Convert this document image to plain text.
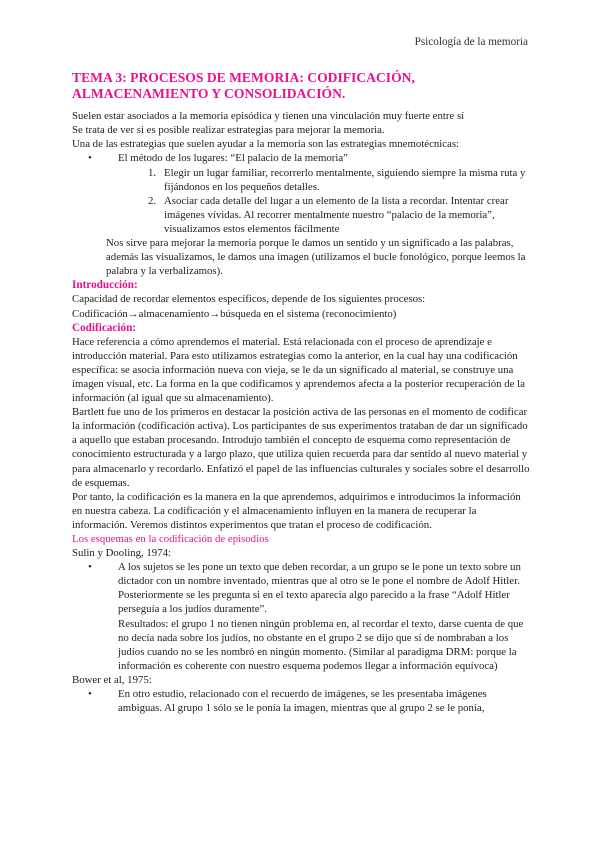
Psicología de la memoria

TEMA 3: PROCESOS DE MEMORIA: CODIFICACIÓN, ALMACENAMIENTO Y CONSOLIDACIÓN.

Suelen estar asociados a la memoria episódica y tienen una vinculación muy fuerte entre sí

Se trata de ver si es posible realizar estrategias para mejorar la memoria.

Una de las estrategias que suelen ayudar a la memoria son las estrategias mnemotécnicas:

• El método de los lugares: “El palacio de la memoria”
1. Elegir un lugar familiar, recorrerlo mentalmente, siguiendo siempre la misma ruta y fijándonos en los pequeños detalles.
2. Asociar cada detalle del lugar a un elemento de la lista a recordar. Intentar crear imágenes vívidas. Al recorrer mentalmente nuestro “palacio de la memoria”, visualizamos estos elementos fácilmente

Nos sirve para mejorar la memoria porque le damos un sentido y un significado a las palabras, además las visualizamos, le damos una imagen (utilizamos el bucle fonológico, porque leemos la palabra y la verbalizamos).

Introducción:

Capacidad de recordar elementos específicos, depende de los siguientes procesos:

Codificación→almacenamiento→búsqueda en el sistema (reconocimiento)

Codificación:

Hace referencia a cómo aprendemos el material. Está relacionada con el proceso de aprendizaje e introducción material. Para esto utilizamos estrategias como la anterior, en la cual hay una codificación específica: se asocia información nueva con vieja, se le da un significado al material, se construye una imagen visual, etc. La forma en la que codificamos y aprendemos afecta a la posterior recuperación de la información (al igual que su almacenamiento).

Bartlett fue uno de los primeros en destacar la posición activa de las personas en el momento de codificar la información (codificación activa). Los participantes de sus experimentos trataban de dar un significado a aquello que estaban procesando. Introdujo también el concepto de esquema como representación de conocimiento estructurada y a largo plazo, que utiliza quien recuerda para dar sentido al nuevo material y para almacenarlo y recordarlo. Enfatizó el papel de las influencias culturales y sociales sobre el desarrollo de esquemas.

Por tanto, la codificación es la manera en la que aprendemos, adquirimos e introducimos la información en nuestra cabeza. La codificación y el almacenamiento influyen en la manera de recuperar la información. Veremos distintos experimentos que tratan el proceso de codificación.

Los esquemas en la codificación de episodios

Sulin y Dooling, 1974:

• A los sujetos se les pone un texto que deben recordar, a un grupo se le pone un texto sobre un dictador con un nombre inventado, mientras que al otro se le pone el nombre de Adolf Hitler. Posteriormente se les pregunta si en el texto aparecía algo parecido a la frase “Adolf Hitler perseguía a los judíos duramente”.

Resultados: el grupo 1 no tienen ningún problema en, al recordar el texto, darse cuenta de que no decía nada sobre los judíos, no obstante en el grupo 2 se dijo que sí de nombraban a los judíos cuando no se les nombró en ningún momento. (Similar al paradigma DRM: porque la información es coherente con nuestro esquema podemos llegar a información equívoca)

Bower et al, 1975:

• En otro estudio, relacionado con el recuerdo de imágenes, se les presentaba imágenes ambiguas. Al grupo 1 sólo se le ponía la imagen, mientras que al grupo 2 se le ponía,
